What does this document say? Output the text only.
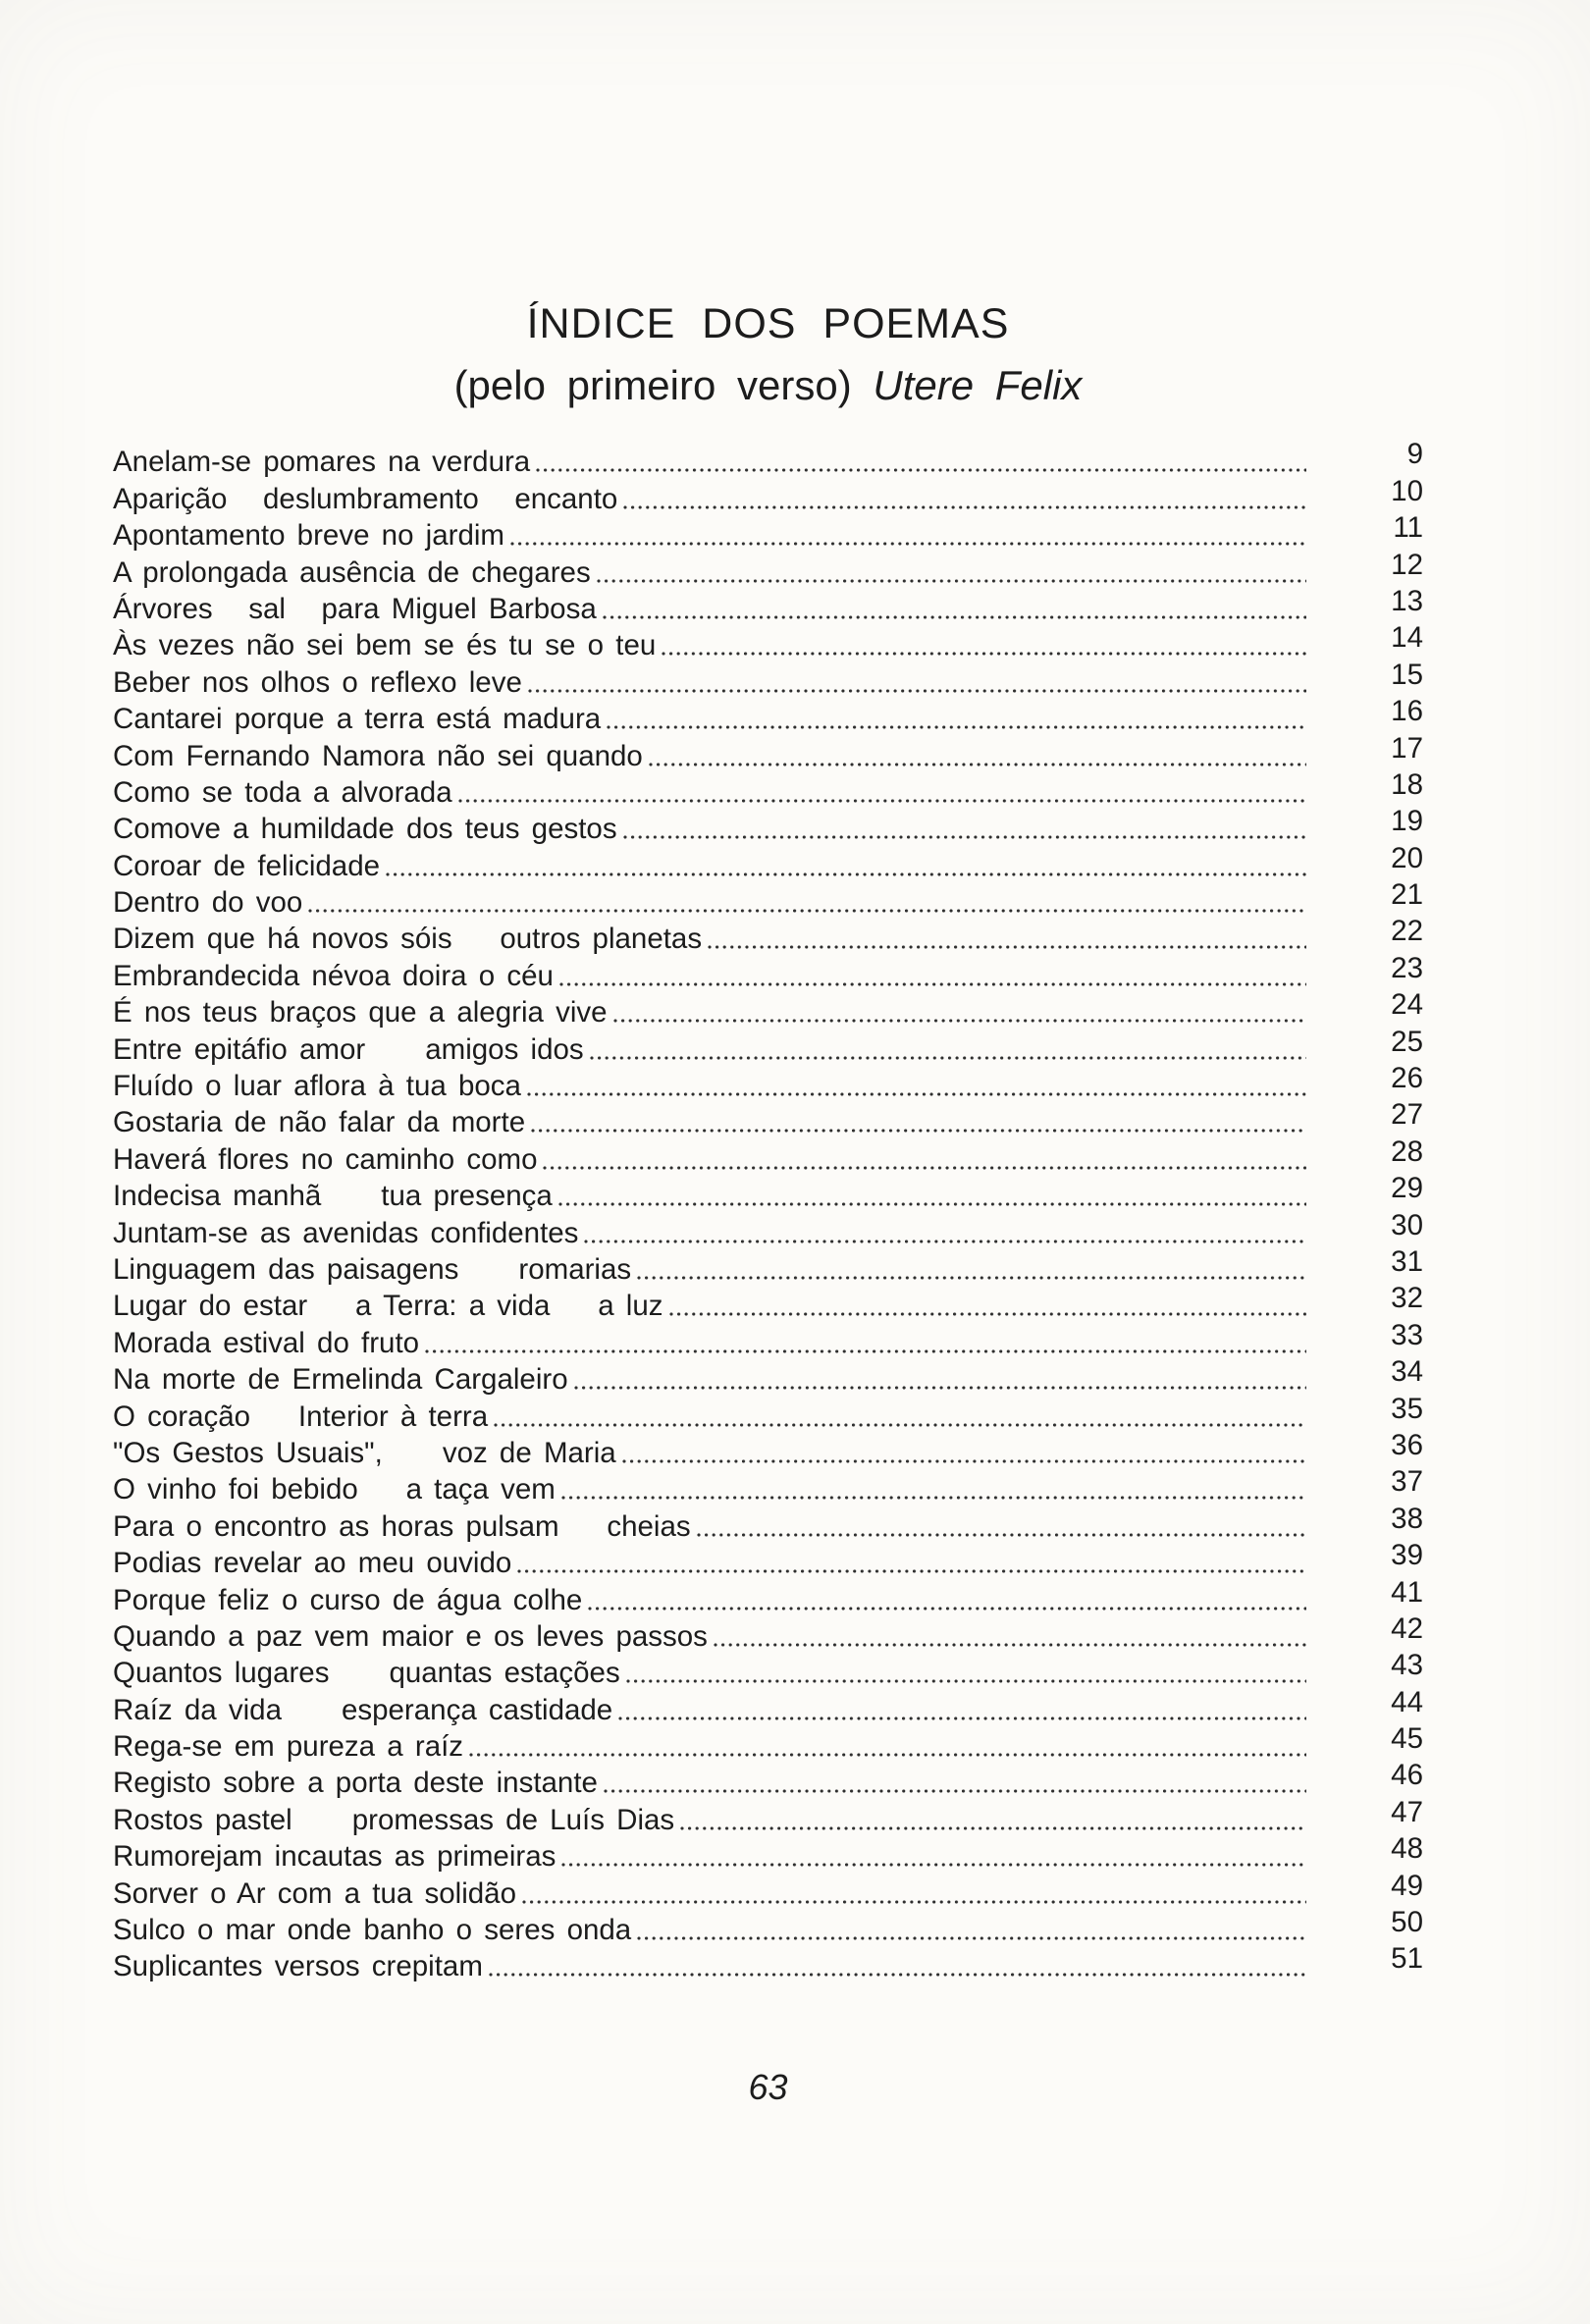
ÍNDICE DOS POEMAS
(pelo primeiro verso) Utere Felix
Anelam-se pomares na verdura	9
Aparição   deslumbramento   encanto	10
Apontamento breve no jardim	11
A prolongada ausência de chegares	12
Árvores   sal   para Miguel Barbosa	13
Às vezes não sei bem se és tu se o teu	14
Beber nos olhos o reflexo leve	15
Cantarei porque a terra está madura	16
Com Fernando Namora não sei quando	17
Como se toda a alvorada	18
Comove a humildade dos teus gestos	19
Coroar de felicidade	20
Dentro do voo	21
Dizem que há novos sóis    outros planetas	22
Embrandecida névoa doira o céu	23
É nos teus braços que a alegria vive	24
Entre epitáfio amor     amigos idos	25
Fluído o luar aflora à tua boca	26
Gostaria de não falar da morte	27
Haverá flores no caminho como	28
Indecisa manhã     tua presença	29
Juntam-se as avenidas confidentes	30
Linguagem das paisagens     romarias	31
Lugar do estar    a Terra: a vida    a luz	32
Morada estival do fruto	33
Na morte de Ermelinda Cargaleiro	34
O coração    Interior à terra	35
"Os Gestos Usuais",     voz de Maria	36
O vinho foi bebido    a taça vem	37
Para o encontro as horas pulsam    cheias	38
Podias revelar ao meu ouvido	39
Porque feliz o curso de água colhe	41
Quando a paz vem maior e os leves passos	42
Quantos lugares     quantas estações	43
Raíz da vida     esperança castidade	44
Rega-se em pureza a raíz	45
Registo sobre a porta deste instante	46
Rostos pastel     promessas de Luís Dias	47
Rumorejam incautas as primeiras	48
Sorver o Ar com a tua solidão	49
Sulco o mar onde banho o seres onda	50
Suplicantes versos crepitam	51
63
